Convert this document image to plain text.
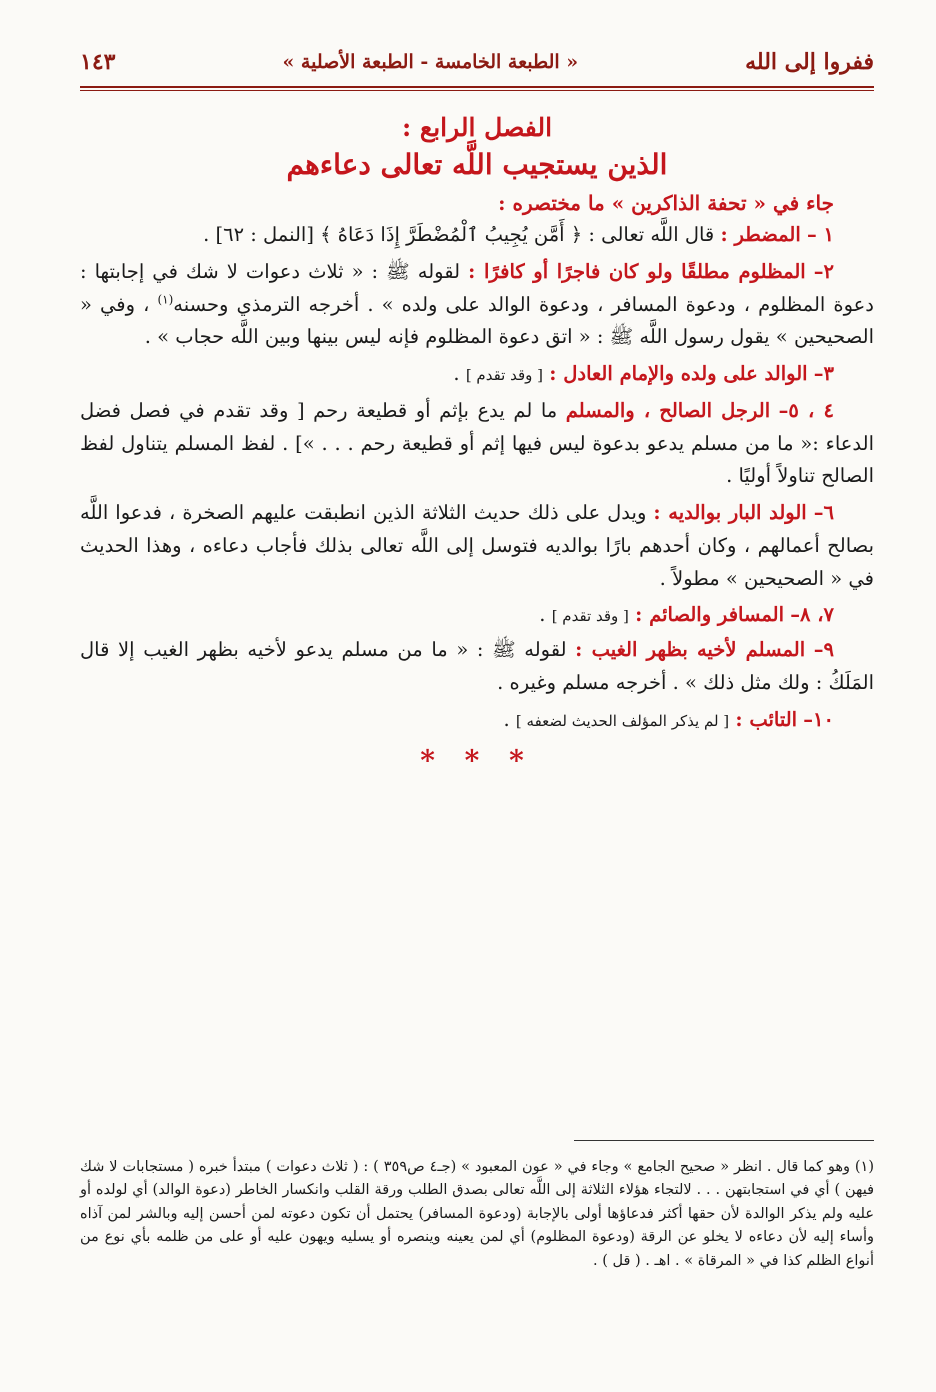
ففروا إلى الله
« الطبعة الخامسة - الطبعة الأصلية »
١٤٣
الفصل الرابع :
الذين يستجيب اللَّه تعالى دعاءهم
جاء في « تحفة الذاكرين » ما مختصره :

١ – المضطر : قال اللَّه تعالى : ﴿ أَمَّن يُجِيبُ ٱلْمُضْطَرَّ إِذَا دَعَاهُ ﴾ [النمل : ٦٢] .

٢– المظلوم مطلقًا ولو كان فاجرًا أو كافرًا : لقوله ﷺ : « ثلاث دعوات لا شك في إجابتها : دعوة المظلوم ، ودعوة المسافر ، ودعوة الوالد على ولده » . أخرجه الترمذي وحسنه$^{(١)}$ ، وفي « الصحيحين » يقول رسول اللَّه ﷺ : « اتق دعوة المظلوم فإنه ليس بينها وبين اللَّه حجاب » .

٣– الوالد على ولده والإمام العادل : [ وقد تقدم ] .

٤ ، ٥– الرجل الصالح ، والمسلم ما لم يدع بإثم أو قطيعة رحم [ وقد تقدم في فصل فضل الدعاء :« ما من مسلم يدعو بدعوة ليس فيها إثم أو قطيعة رحم . . . »] . لفظ المسلم يتناول لفظ الصالح تناولاً أوليًا .

٦– الولد البار بوالديه : ويدل على ذلك حديث الثلاثة الذين انطبقت عليهم الصخرة ، فدعوا اللَّه بصالح أعمالهم ، وكان أحدهم بارًا بوالديه فتوسل إلى اللَّه تعالى بذلك فأجاب دعاءه ، وهذا الحديث في « الصحيحين » مطولاً .

٧، ٨– المسافر والصائم : [ وقد تقدم ] .

٩– المسلم لأخيه بظهر الغيب : لقوله ﷺ : « ما من مسلم يدعو لأخيه بظهر الغيب إلا قال المَلَكُ : ولك مثل ذلك » . أخرجه مسلم وغيره .

١٠– التائب : [ لم يذكر المؤلف الحديث لضعفه ] .

* * *
(١) وهو كما قال . انظر « صحيح الجامع » وجاء في « عون المعبود » (جـ٤ ص٣٥٩ ) : ( ثلاث دعوات ) مبتدأ خبره ( مستجابات لا شك فيهن ) أي في استجابتهن . . . لالتجاء هؤلاء الثلاثة إلى اللَّه تعالى بصدق الطلب ورقة القلب وانكسار الخاطر (دعوة الوالد) أي لولده أو عليه ولم يذكر الوالدة لأن حقها أكثر فدعاؤها أولى بالإجابة (ودعوة المسافر) يحتمل أن تكون دعوته لمن أحسن إليه وبالشر لمن آذاه وأساء إليه لأن دعاءه لا يخلو عن الرقة (ودعوة المظلوم) أي لمن يعينه وينصره أو يسليه ويهون عليه أو على من ظلمه بأي نوع من أنواع الظلم كذا في « المرقاة » . اهـ . ( قل ) .
